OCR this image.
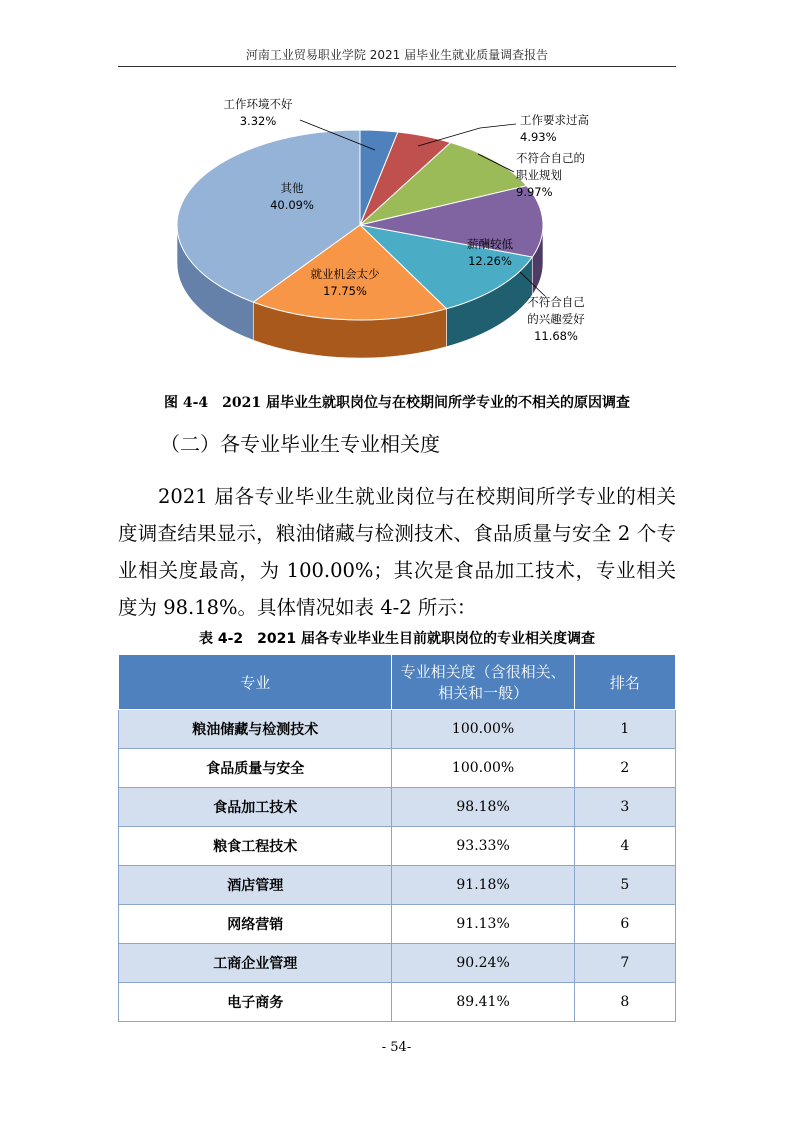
河南工业贸易职业学院 2021 届毕业生就业质量调查报告
工作环境不好
3.32%	工作要求过高
4.93%
不符合自己的
职业规划
9.97%
薪酬较低
12.26%
不符合自己
的兴趣爱好
11.68%
就业机会太少
17.75%
其他
40.09%
图 4-4　2021 届毕业生就职岗位与在校期间所学专业的不相关的原因调查
（二）各专业毕业生专业相关度
2021 届各专业毕业生就业岗位与在校期间所学专业的相关度调查结果显示，粮油储藏与检测技术、食品质量与安全 2 个专业相关度最高，为 100.00%；其次是食品加工技术，专业相关度为 98.18%。具体情况如表 4-2 所示：
表 4-2　2021 届各专业毕业生目前就职岗位的专业相关度调查
专业	专业相关度（含很相关、相关和一般）	排名
粮油储藏与检测技术	100.00%	1
食品质量与安全	100.00%	2
食品加工技术	98.18%	3
粮食工程技术	93.33%	4
酒店管理	91.18%	5
网络营销	91.13%	6
工商企业管理	90.24%	7
电子商务	89.41%	8
- 54-
